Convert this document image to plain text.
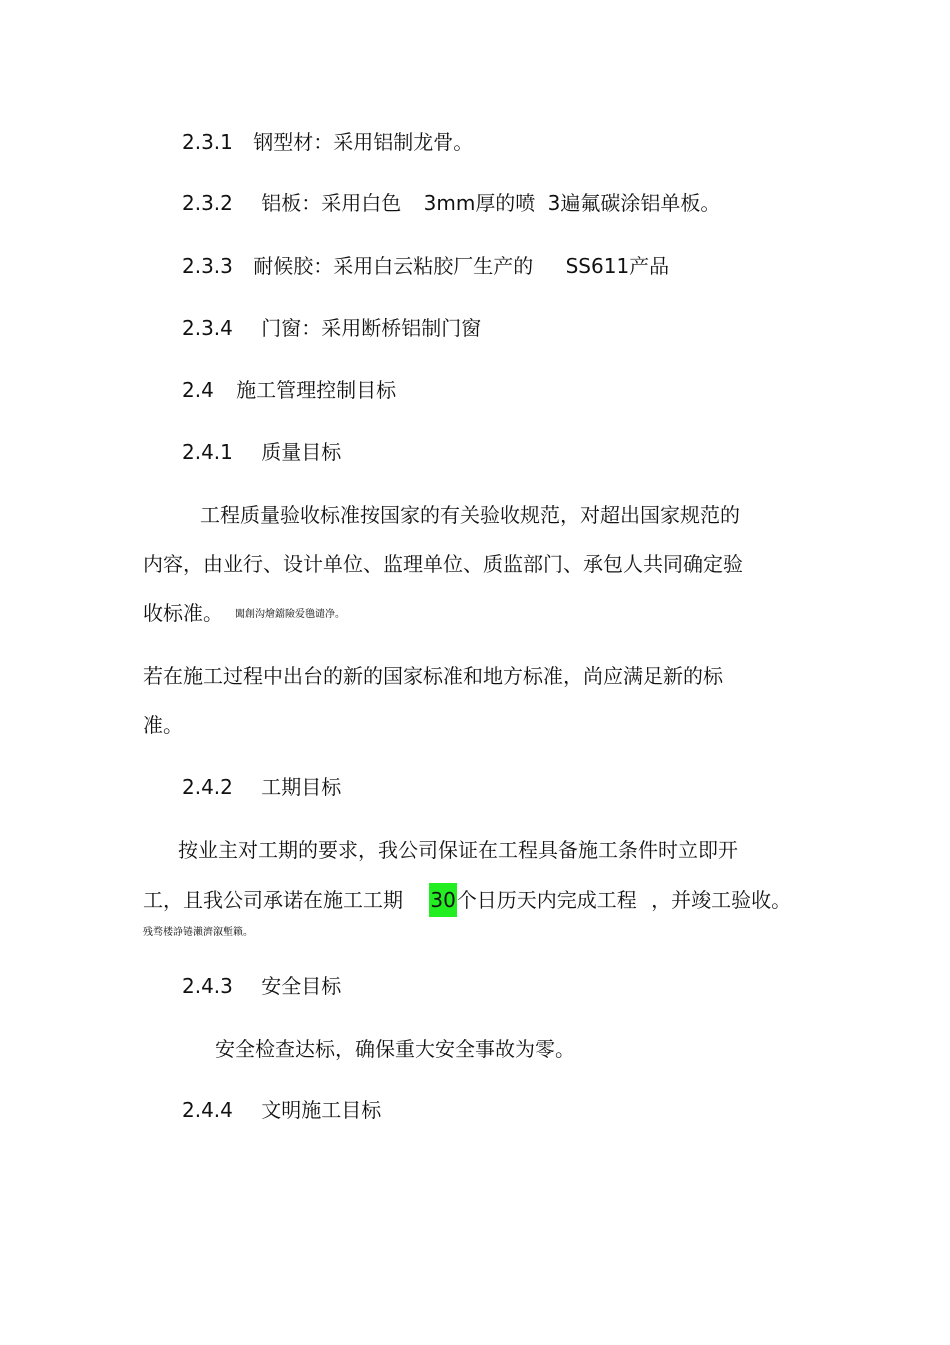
2.3.1 钢型材：采用铝制龙骨。
2.3.2 铝板：采用白色 3mm厚的喷 3遍氟碳涂铝单板。
2.3.3 耐候胶：采用白云粘胶厂生产的 SS611产品
2.3.4 门窗：采用断桥铝制门窗
2.4 施工管理控制目标
2.4.1 质量目标
工程质量验收标准按国家的有关验收规范，对超出国家规范的
内容，由业行、设计单位、监理单位、质监部门、承包人共同确定验
收标准。 闖創沟燴鐺險爱氇谴净。
若在施工过程中出台的新的国家标准和地方标准，尚应满足新的标
准。
2.4.2 工期目标
按业主对工期的要求，我公司保证在工程具备施工条件时立即开
工，且我公司承诺在施工工期 30个日历天内完成工程 ，并竣工验收。
残骛楼諍锩瀨濟溆塹籟。
2.4.3 安全目标
安全检查达标，确保重大安全事故为零。
2.4.4 文明施工目标
